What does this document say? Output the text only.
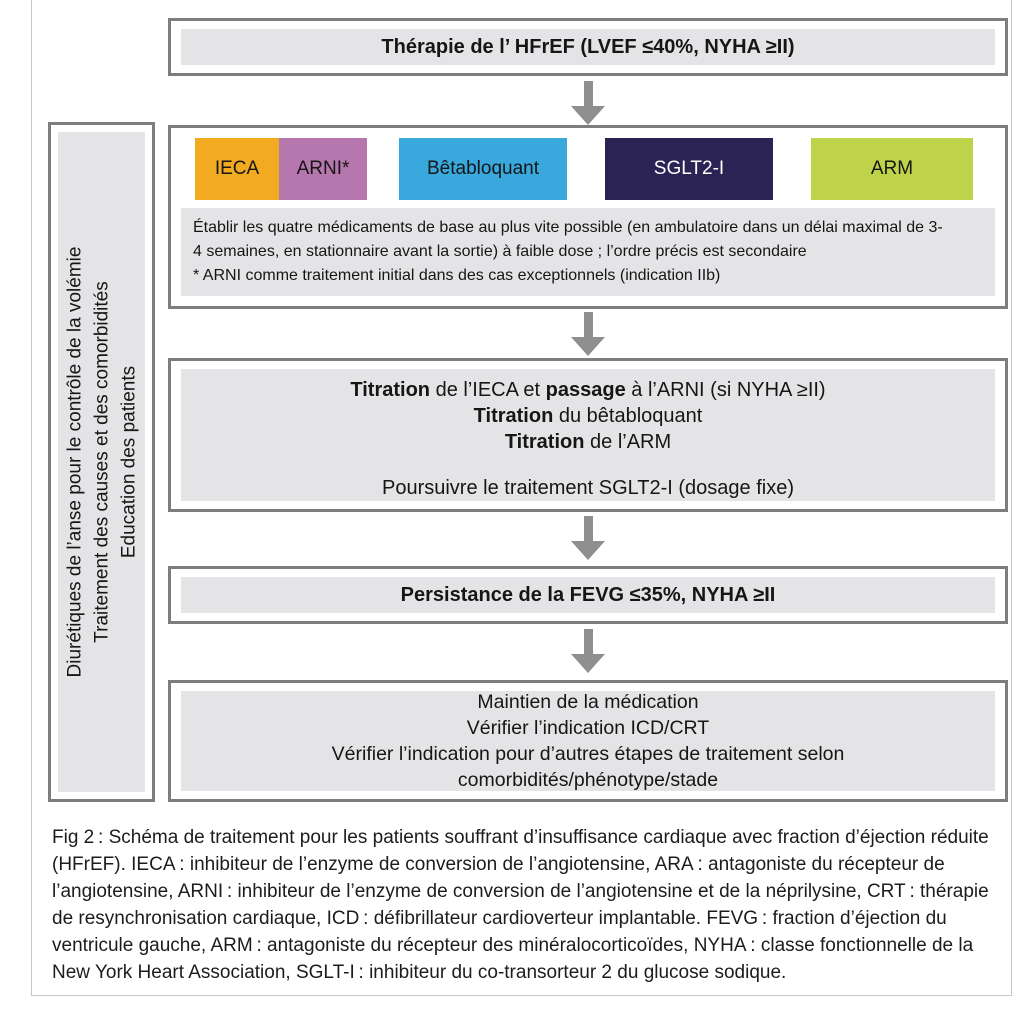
Thérapie de l’ HFrEF (LVEF ≤40%, NYHA ≥II)
IECA	ARNI*	Bêtabloquant	SGLT2-I	ARM
Établir les quatre médicaments de base au plus vite possible (en ambulatoire dans un délai maximal de 3-
4 semaines, en stationnaire avant la sortie) à faible dose ; l’ordre précis est secondaire
* ARNI comme traitement initial dans des cas exceptionnels (indication IIb)
Titration de l’IECA et passage à l’ARNI (si NYHA ≥II)
Titration du bêtabloquant
Titration de l’ARM
Poursuivre le traitement SGLT2-I (dosage fixe)
Persistance de la FEVG ≤35%, NYHA ≥II
Maintien de la médication
Vérifier l’indication ICD/CRT
Vérifier l’indication pour d’autres étapes de traitement selon
comorbidités/phénotype/stade
Diurétiques de l’anse pour le contrôle de la volémie Traitement des causes et des comorbidités Education des patients
Fig 2 : Schéma de traitement pour les patients souffrant d’insuffisance cardiaque avec fraction d’éjection réduite (HFrEF). IECA : inhibiteur de l’enzyme de conversion de l’angiotensine, ARA : antagoniste du récepteur de l’angiotensine, ARNI : inhibiteur de l’enzyme de conversion de l’angiotensine et de la néprilysine, CRT : thérapie de resynchronisation cardiaque, ICD : défibrillateur cardioverteur implantable. FEVG : fraction d’éjection du ventricule gauche, ARM : antagoniste du récepteur des minéralocorticoïdes, NYHA : classe fonctionnelle de la New York Heart Association, SGLT-I : inhibiteur du co-transorteur 2 du glucose sodique.
